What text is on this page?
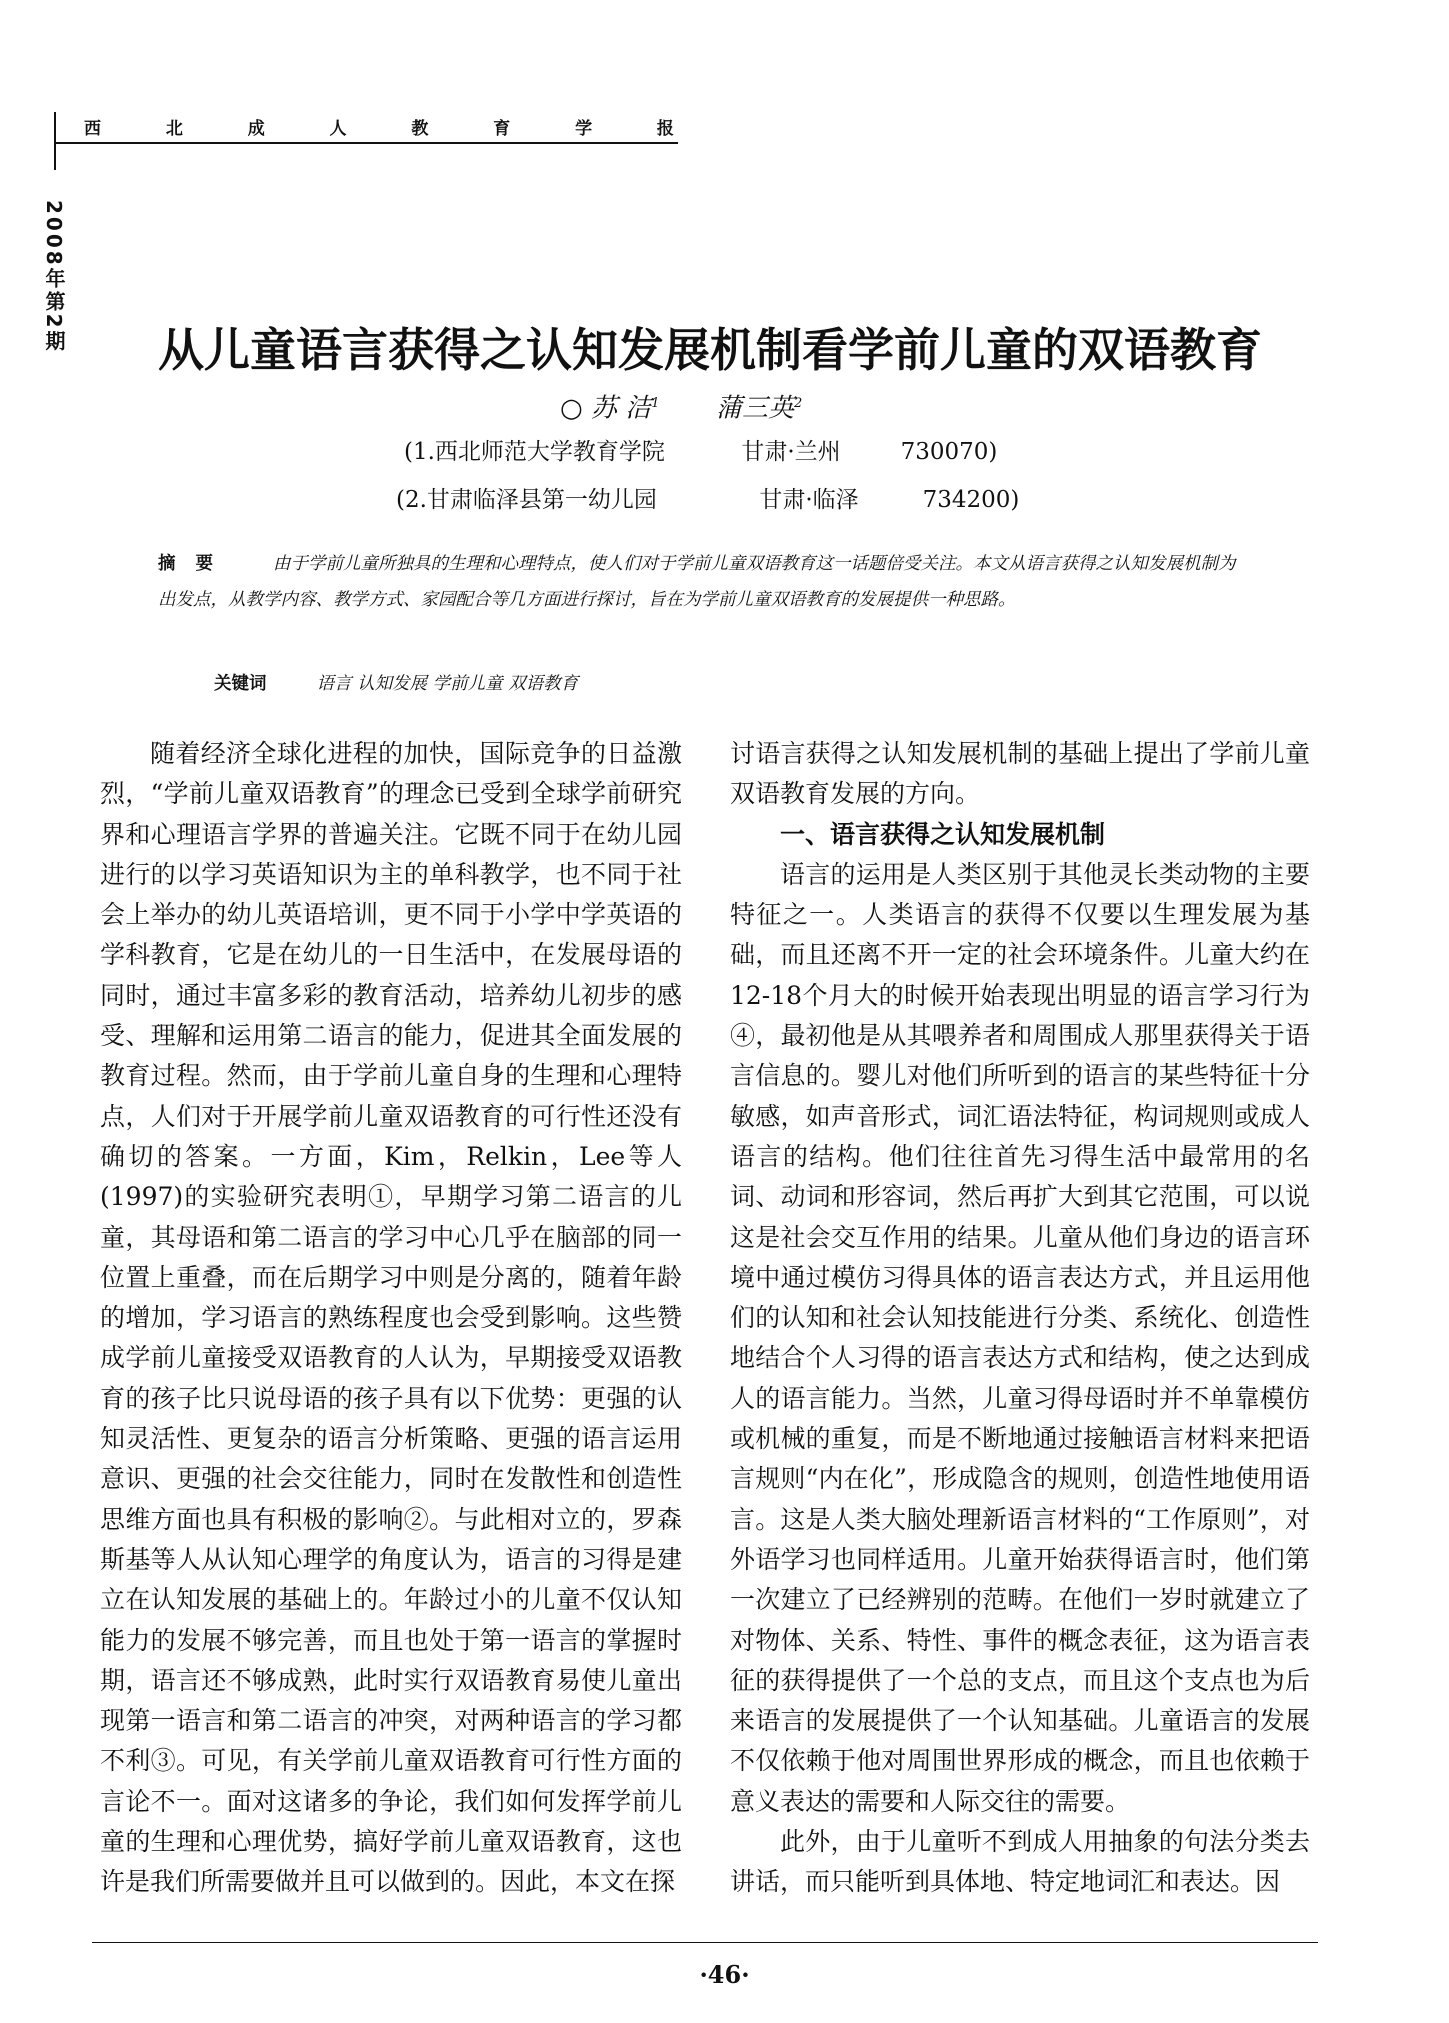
西	北	成	人	教	育	学	报
2008年第2期	从儿童语言获得之认知发展机制看学前儿童的双语教育
○ 苏 洁$^1$ 蒲三英$^2$
(1.西北师范大学教育学院	甘肃·兰州	730070)
(2.甘肃临泽县第一幼儿园	甘肃·临泽	734200)
摘要 由于学前儿童所独具的生理和心理特点，使人们对于学前儿童双语教育这一话题倍受关注。本文从语言获得之认知发展机制为出发点，从教学内容、教学方式、家园配合等几方面进行探讨，旨在为学前儿童双语教育的发展提供一种思路。
关键词	语言 认知发展 学前儿童 双语教育

随着经济全球化进程的加快，国际竞争的日益激烈，“学前儿童双语教育”的理念已受到全球学前研究界和心理语言学界的普遍关注。它既不同于在幼儿园进行的以学习英语知识为主的单科教学，也不同于社会上举办的幼儿英语培训，更不同于小学中学英语的学科教育，它是在幼儿的一日生活中，在发展母语的同时，通过丰富多彩的教育活动，培养幼儿初步的感受、理解和运用第二语言的能力，促进其全面发展的教育过程。然而，由于学前儿童自身的生理和心理特点，人们对于开展学前儿童双语教育的可行性还没有确切的答案。一方面，Kim，Relkin，Lee等人(1997)的实验研究表明①，早期学习第二语言的儿童，其母语和第二语言的学习中心几乎在脑部的同一位置上重叠，而在后期学习中则是分离的，随着年龄的增加，学习语言的熟练程度也会受到影响。这些赞成学前儿童接受双语教育的人认为，早期接受双语教育的孩子比只说母语的孩子具有以下优势：更强的认知灵活性、更复杂的语言分析策略、更强的语言运用意识、更强的社会交往能力，同时在发散性和创造性思维方面也具有积极的影响②。与此相对立的，罗森斯基等人从认知心理学的角度认为，语言的习得是建立在认知发展的基础上的。年龄过小的儿童不仅认知能力的发展不够完善，而且也处于第一语言的掌握时期，语言还不够成熟，此时实行双语教育易使儿童出现第一语言和第二语言的冲突，对两种语言的学习都不利③。可见，有关学前儿童双语教育可行性方面的言论不一。面对这诸多的争论，我们如何发挥学前儿童的生理和心理优势，搞好学前儿童双语教育，这也许是我们所需要做并且可以做到的。因此，本文在探

讨语言获得之认知发展机制的基础上提出了学前儿童双语教育发展的方向。

一、语言获得之认知发展机制

语言的运用是人类区别于其他灵长类动物的主要特征之一。人类语言的获得不仅要以生理发展为基础，而且还离不开一定的社会环境条件。儿童大约在12-18个月大的时候开始表现出明显的语言学习行为④，最初他是从其喂养者和周围成人那里获得关于语言信息的。婴儿对他们所听到的语言的某些特征十分敏感，如声音形式，词汇语法特征，构词规则或成人语言的结构。他们往往首先习得生活中最常用的名词、动词和形容词，然后再扩大到其它范围，可以说这是社会交互作用的结果。儿童从他们身边的语言环境中通过模仿习得具体的语言表达方式，并且运用他们的认知和社会认知技能进行分类、系统化、创造性地结合个人习得的语言表达方式和结构，使之达到成人的语言能力。当然，儿童习得母语时并不单靠模仿或机械的重复，而是不断地通过接触语言材料来把语言规则“内在化”，形成隐含的规则，创造性地使用语言。这是人类大脑处理新语言材料的“工作原则”，对外语学习也同样适用。儿童开始获得语言时，他们第一次建立了已经辨别的范畴。在他们一岁时就建立了对物体、关系、特性、事件的概念表征，这为语言表征的获得提供了一个总的支点，而且这个支点也为后来语言的发展提供了一个认知基础。儿童语言的发展不仅依赖于他对周围世界形成的概念，而且也依赖于意义表达的需要和人际交往的需要。

此外，由于儿童听不到成人用抽象的句法分类去讲话，而只能听到具体地、特定地词汇和表达。因

·46·
